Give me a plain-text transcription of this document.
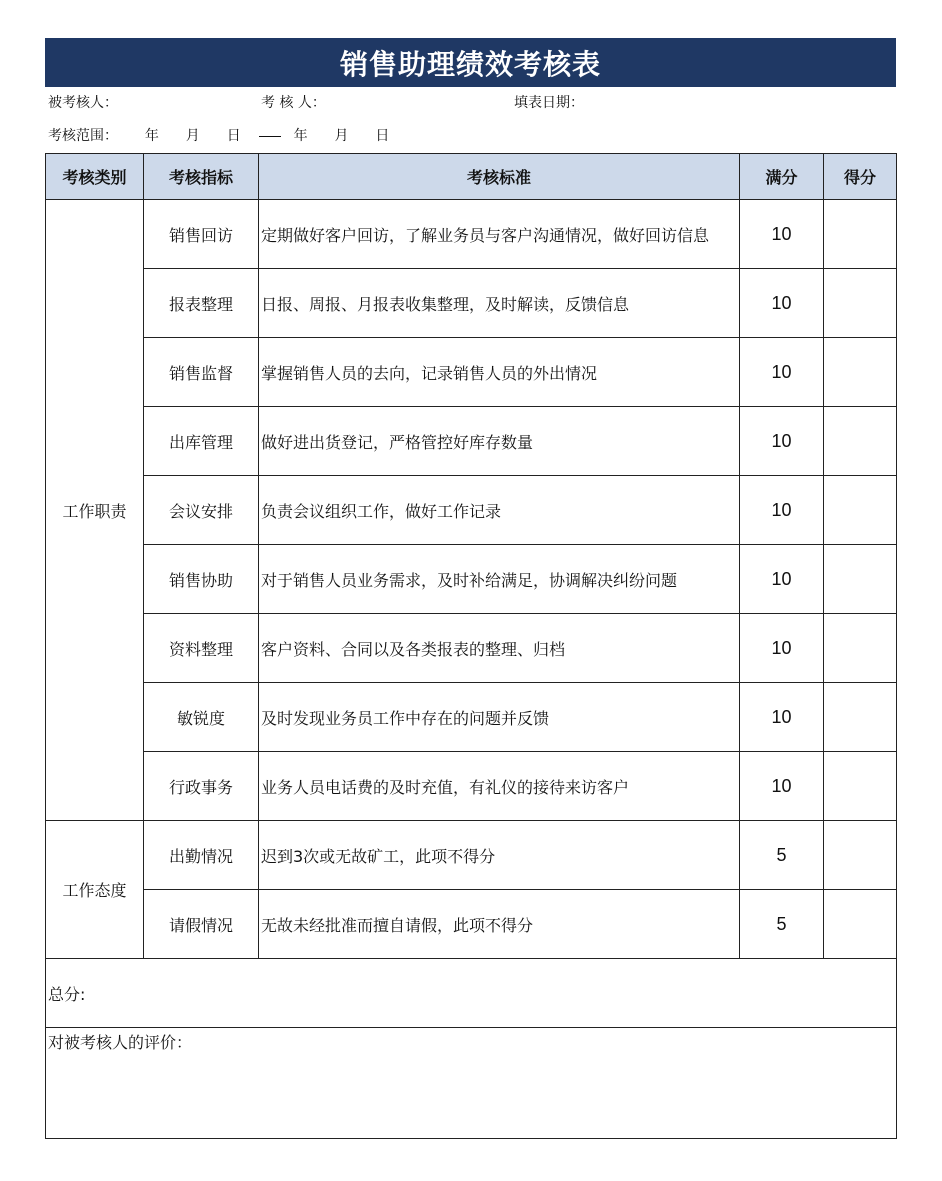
销售助理绩效考核表
被考核人：	考 核 人：	填表日期：
考核范围： 年  月  日	年  月  日
考核类别	考核指标	考核标准	满分	得分
工作职责	销售回访	定期做好客户回访，了解业务员与客户沟通情况，做好回访信息	10	
	报表整理	日报、周报、月报表收集整理，及时解读，反馈信息	10	
	销售监督	掌握销售人员的去向，记录销售人员的外出情况	10	
	出库管理	做好进出货登记，严格管控好库存数量	10	
	会议安排	负责会议组织工作，做好工作记录	10	
	销售协助	对于销售人员业务需求，及时补给满足，协调解决纠纷问题	10	
	资料整理	客户资料、合同以及各类报表的整理、归档	10	
	敏锐度	及时发现业务员工作中存在的问题并反馈	10	
	行政事务	业务人员电话费的及时充值，有礼仪的接待来访客户	10	
工作态度	出勤情况	迟到3次或无故矿工，此项不得分	5	
	请假情况	无故未经批准而擅自请假，此项不得分	5	
总分:				
对被考核人的评价：				
